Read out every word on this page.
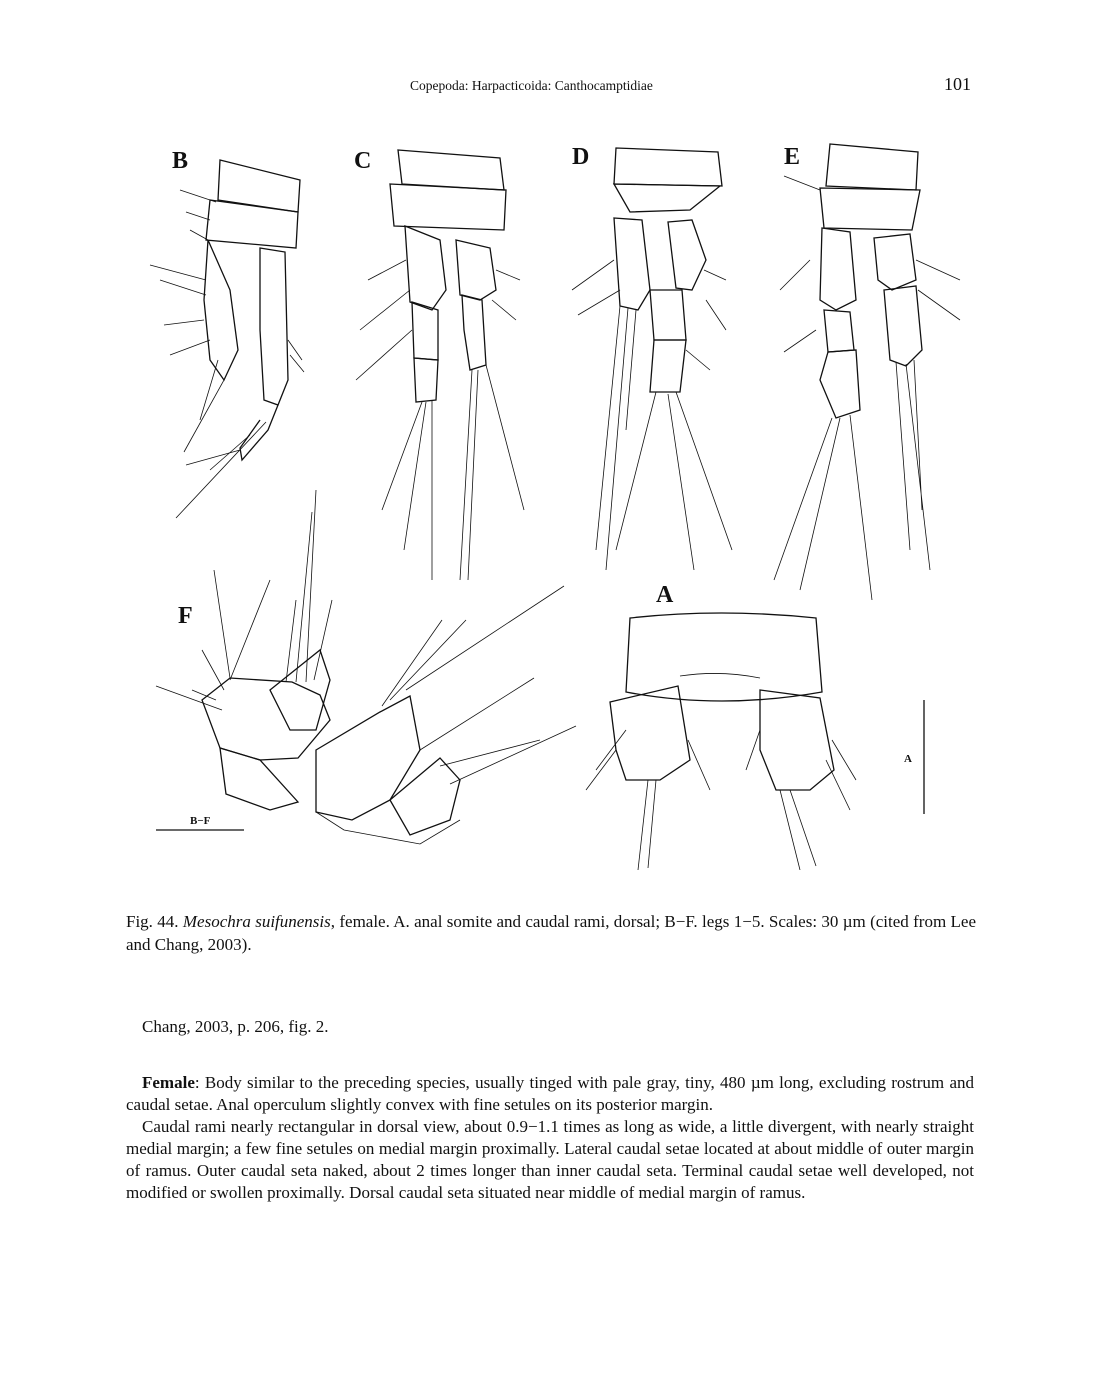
Copepoda: Harpacticoida: Canthocamptidiae	101
B	C	D	E
F
A
B−F
A
Fig. 44. Mesochra suifunensis, female. A. anal somite and caudal rami, dorsal; B−F. legs 1−5. Scales: 30 µm (cited from Lee and Chang, 2003).

Chang, 2003, p. 206, fig. 2.

Female: Body similar to the preceding species, usually tinged with pale gray, tiny, 480 µm long, excluding rostrum and caudal setae. Anal operculum slightly convex with fine setules on its posterior margin.

Caudal rami nearly rectangular in dorsal view, about 0.9−1.1 times as long as wide, a little divergent, with nearly straight medial margin; a few fine setules on medial margin proximally. Lateral caudal setae located at about middle of outer margin of ramus. Outer caudal seta naked, about 2 times longer than inner caudal seta. Terminal caudal setae well developed, not modified or swollen proximally. Dorsal caudal seta situated near middle of medial margin of ramus.
